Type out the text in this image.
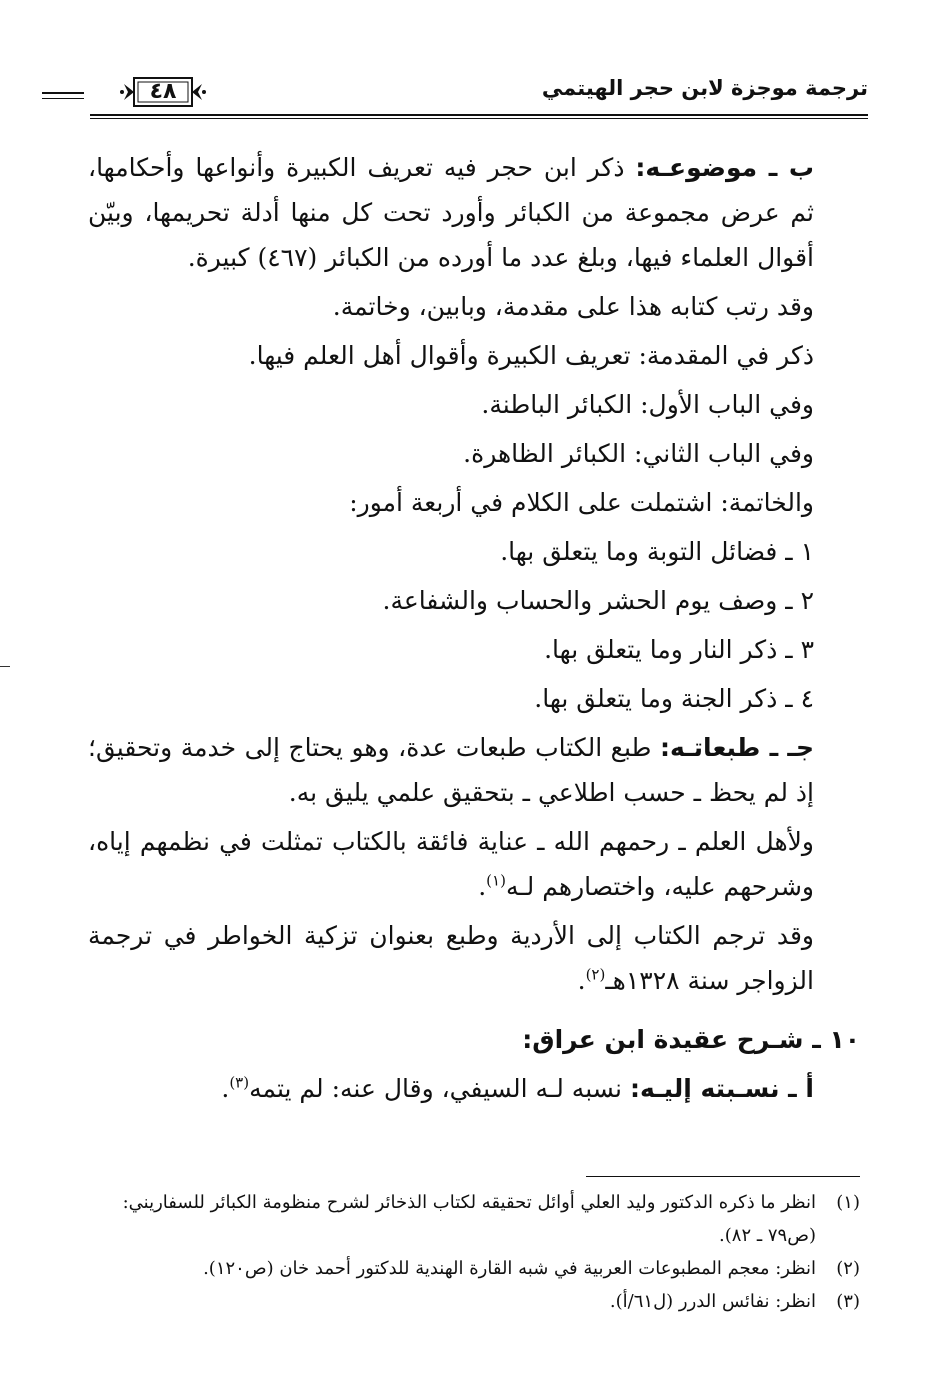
ترجمة موجزة لابن حجر الهيتمي
٤٨

ب ـ موضوعـه: ذكر ابن حجر فيه تعريف الكبيرة وأنواعها وأحكامها، ثم عرض مجموعة من الكبائر وأورد تحت كل منها أدلة تحريمها، وبيّن أقوال العلماء فيها، وبلغ عدد ما أورده من الكبائر (٤٦٧) كبيرة.

وقد رتب كتابه هذا على مقدمة، وبابين، وخاتمة.

ذكر في المقدمة: تعريف الكبيرة وأقوال أهل العلم فيها.

وفي الباب الأول: الكبائر الباطنة.

وفي الباب الثاني: الكبائر الظاهرة.

والخاتمة: اشتملت على الكلام في أربعة أمور:

١ ـ فضائل التوبة وما يتعلق بها.

٢ ـ وصف يوم الحشر والحساب والشفاعة.

٣ ـ ذكر النار وما يتعلق بها.

٤ ـ ذكر الجنة وما يتعلق بها.

جـ ـ طبعاتـه: طبع الكتاب طبعات عدة، وهو يحتاج إلى خدمة وتحقيق؛ إذ لم يحظ ـ حسب اطلاعي ـ بتحقيق علمي يليق به.

ولأهل العلم ـ رحمهم الله ـ عناية فائقة بالكتاب تمثلت في نظمهم إياه، وشرحهم عليه، واختصارهم لـه$^{(١)}$.

وقد ترجم الكتاب إلى الأردية وطبع بعنوان تزكية الخواطر في ترجمة الزواجر سنة ١٣٢٨هـ$^{(٢)}$.

١٠ ـ شـرح عقيدة ابن عراق:

أ ـ نسـبته إليـه: نسبه لـه السيفي، وقال عنه: لم يتمه$^{(٣)}$.

(١)
انظر ما ذكره الدكتور وليد العلي أوائل تحقيقه لكتاب الذخائر لشرح منظومة الكبائر للسفاريني: (ص٧٩ ـ ٨٢).
(٢)
انظر: معجم المطبوعات العربية في شبه القارة الهندية للدكتور أحمد خان (ص١٢٠).
(٣)
انظر: نفائس الدرر (ل٦١/أ).
